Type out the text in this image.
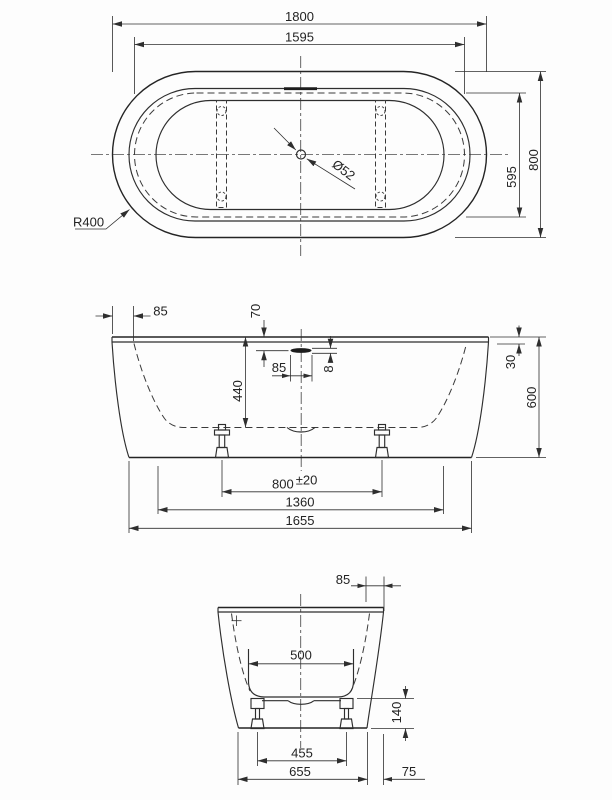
Ø52
1800
1595
800
595
R400
85	70
440
85	8	30
600
800 ±20
1360
1655
85
500
140
455
655	75
